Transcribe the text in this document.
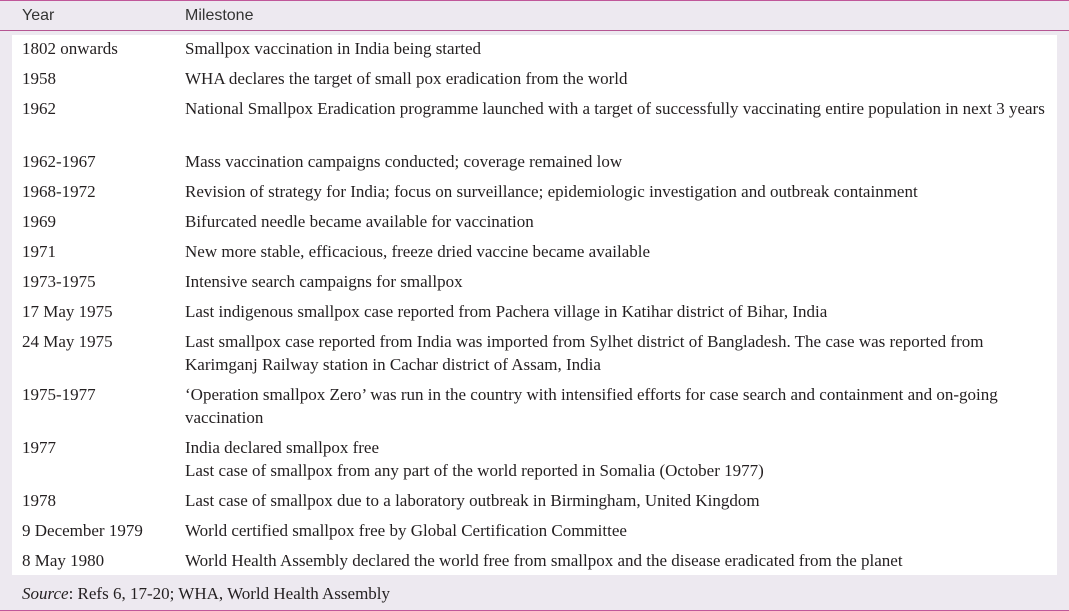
Year	Milestone
1802 onwards	Smallpox vaccination in India being started
1958	WHA declares the target of small pox eradication from the world
1962	National Smallpox Eradication programme launched with a target of successfully vaccinating entire population in next 3 years
1962-1967	Mass vaccination campaigns conducted; coverage remained low
1968-1972	Revision of strategy for India; focus on surveillance; epidemiologic investigation and outbreak containment
1969	Bifurcated needle became available for vaccination
1971	New more stable, efficacious, freeze dried vaccine became available
1973-1975	Intensive search campaigns for smallpox
17 May 1975	Last indigenous smallpox case reported from Pachera village in Katihar district of Bihar, India
24 May 1975	Last smallpox case reported from India was imported from Sylhet district of Bangladesh. The case was reported from Karimganj Railway station in Cachar district of Assam, India
1975-1977	‘Operation smallpox Zero’ was run in the country with intensified efforts for case search and containment and on-going vaccination
1977	India declared smallpox free
Last case of smallpox from any part of the world reported in Somalia (October 1977)
1978	Last case of smallpox due to a laboratory outbreak in Birmingham, United Kingdom
9 December 1979	World certified smallpox free by Global Certification Committee
8 May 1980	World Health Assembly declared the world free from smallpox and the disease eradicated from the planet
Source: Refs 6, 17-20; WHA, World Health Assembly
